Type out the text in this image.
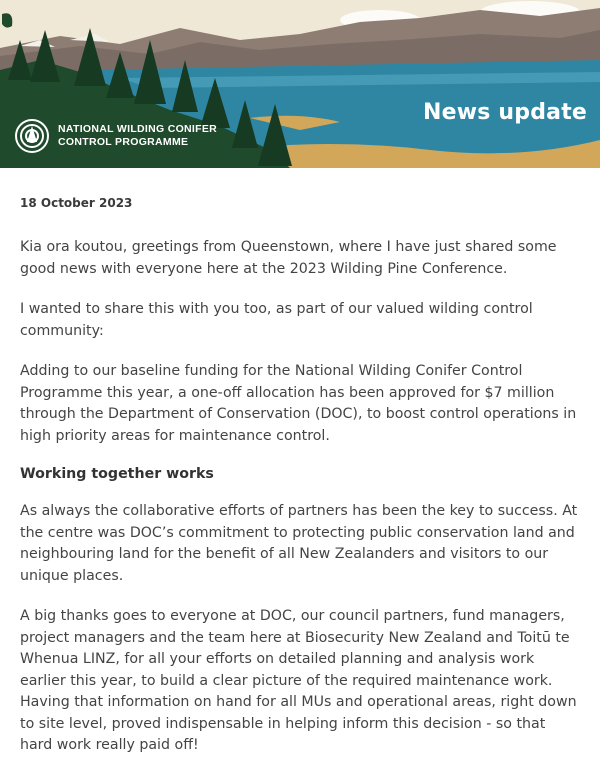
NATIONAL WILDING CONIFER
CONTROL PROGRAMME
News update
18 October 2023

Kia ora koutou, greetings from Queenstown, where I have just shared some good news with everyone here at the 2023 Wilding Pine Conference.

I wanted to share this with you too, as part of our valued wilding control community:

Adding to our baseline funding for the National Wilding Conifer Control Programme this year, a one-off allocation has been approved for $7 million through the Department of Conservation (DOC), to boost control operations in high priority areas for maintenance control.

Working together works

As always the collaborative efforts of partners has been the key to success. At the centre was DOC’s commitment to protecting public conservation land and neighbouring land for the benefit of all New Zealanders and visitors to our unique places.

A big thanks goes to everyone at DOC, our council partners, fund managers, project managers and the team here at Biosecurity New Zealand and Toitū te Whenua LINZ, for all your efforts on detailed planning and analysis work earlier this year, to build a clear picture of the required maintenance work. Having that information on hand for all MUs and operational areas, right down to site level, proved indispensable in helping inform this decision - so that hard work really paid off!
